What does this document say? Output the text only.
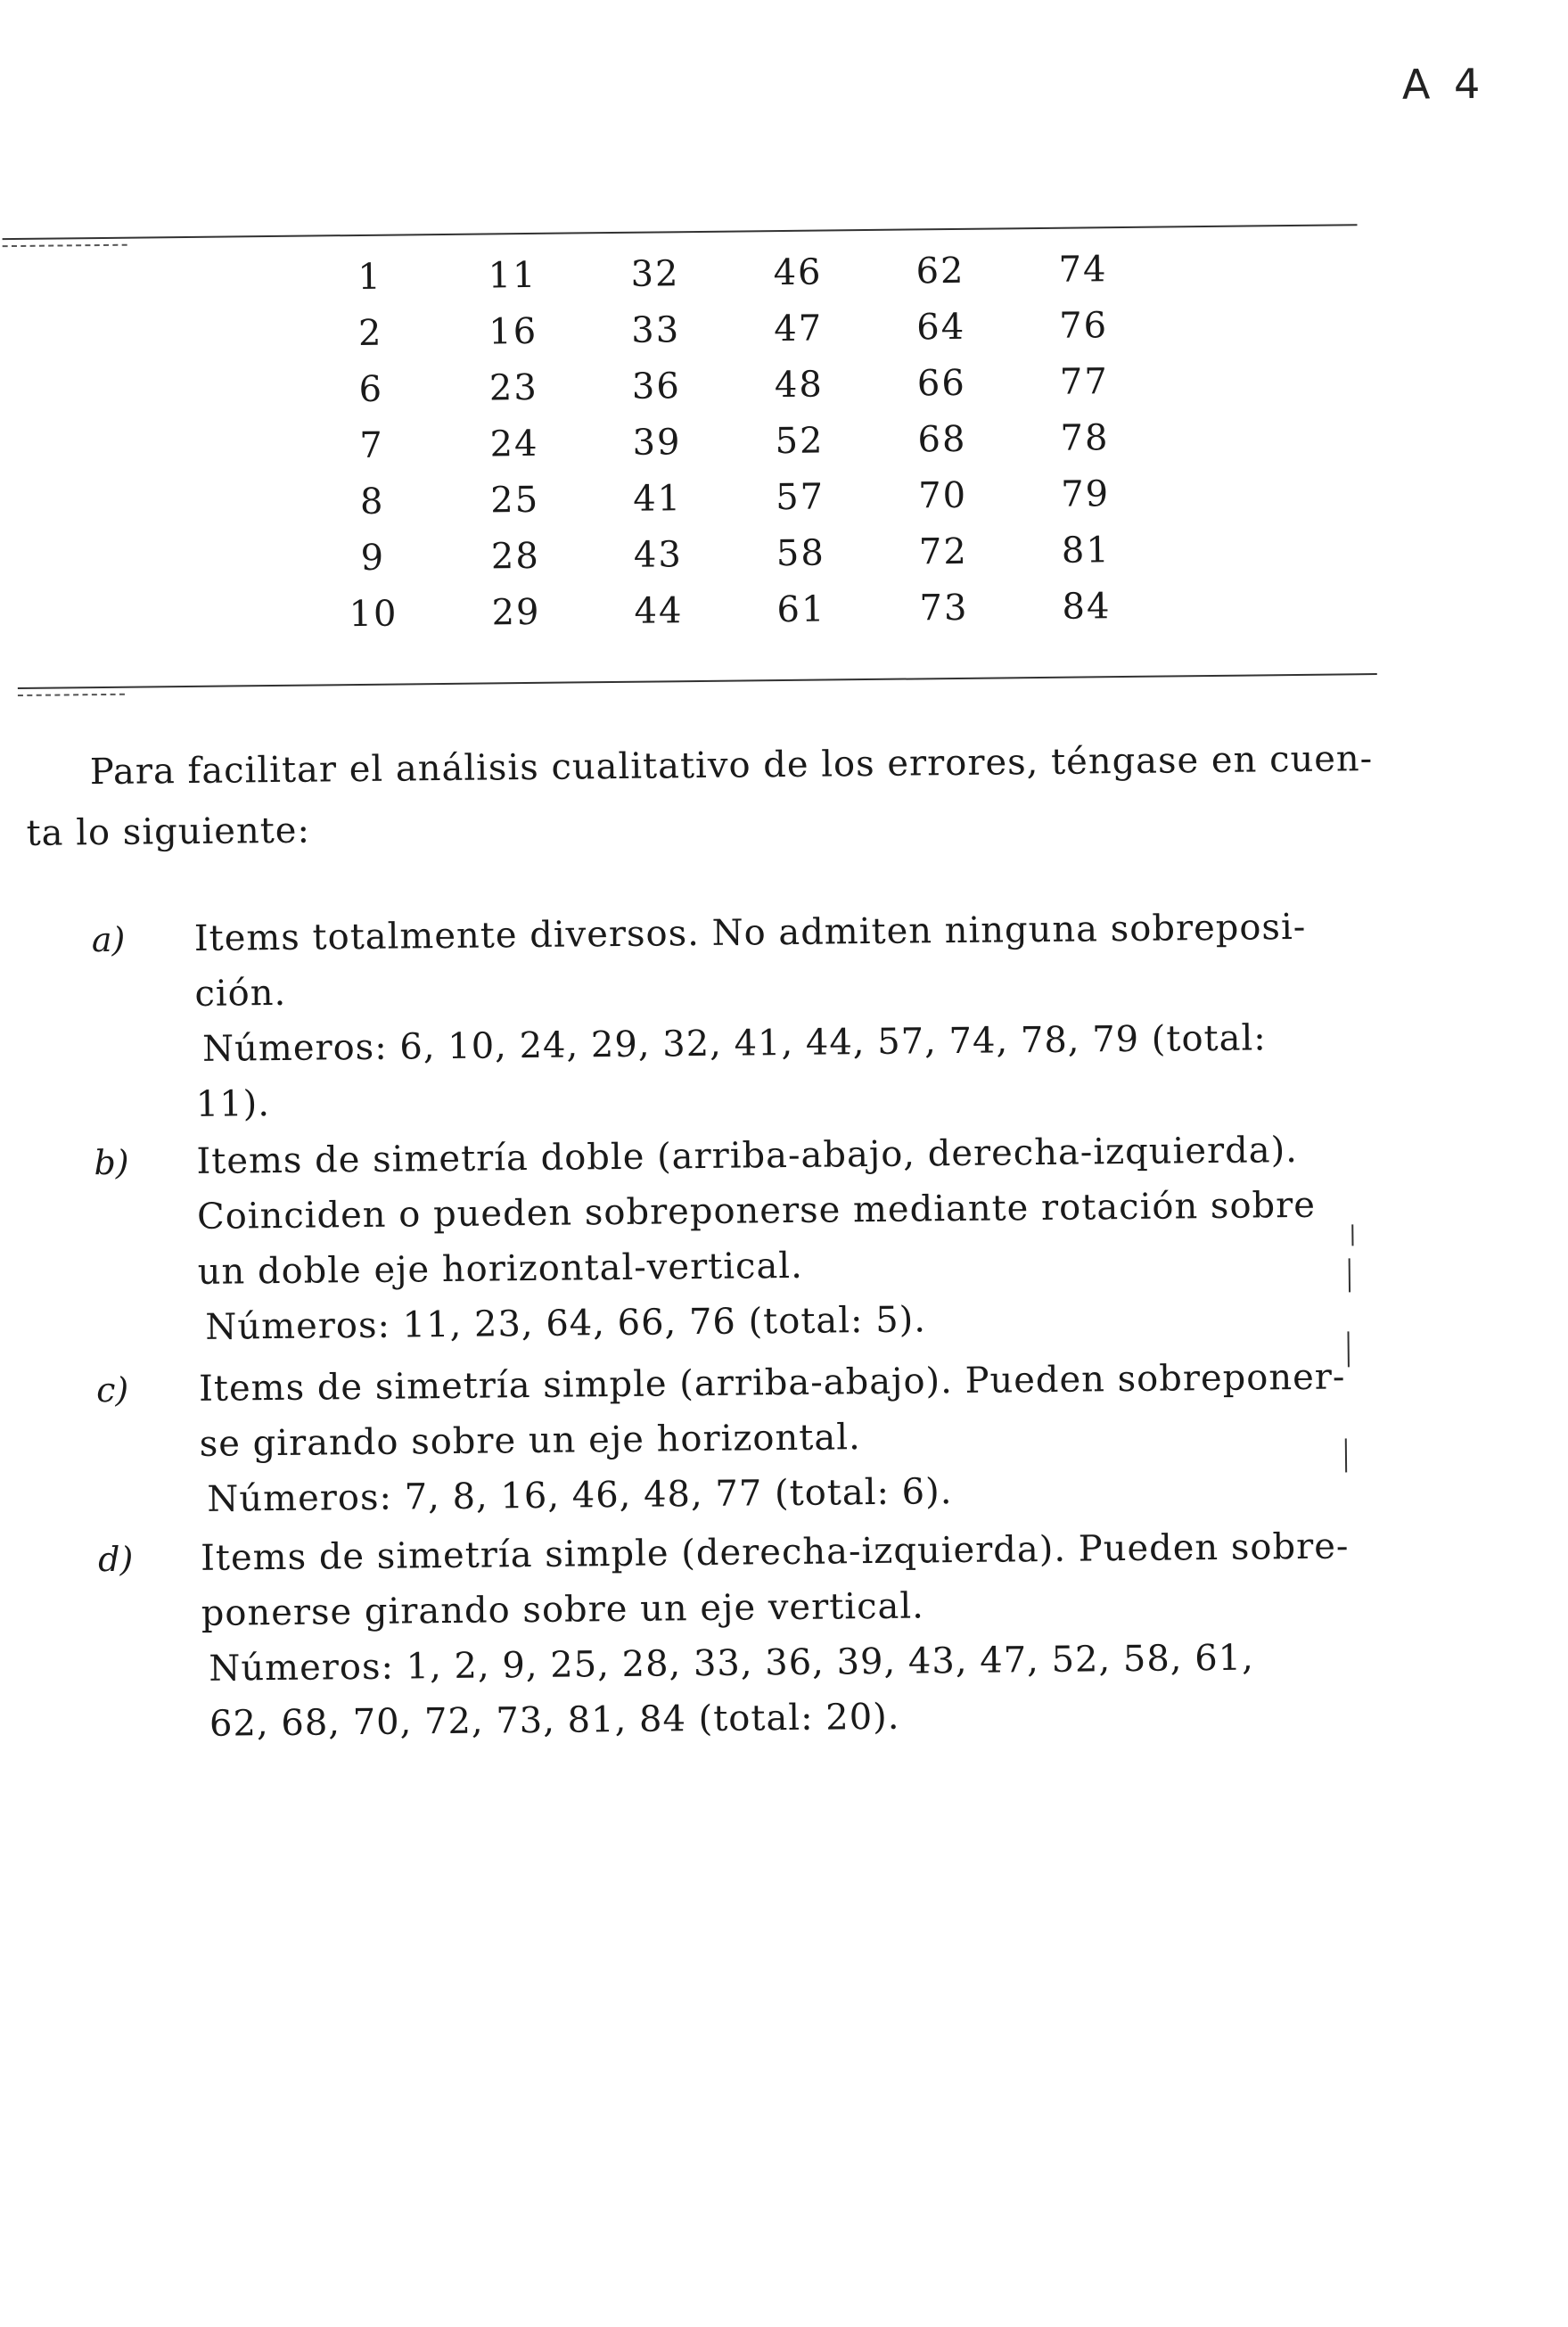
A 4
1
2
6
7
8
9
10
11
16
23
24
25
28
29
32
33
36
39
41
43
44
46
47
48
52
57
58
61
62
64
66
68
70
72
73
74
76
77
78
79
81
84
Para facilitar el análisis cualitativo de los errores, téngase en cuen-
ta lo siguiente:
a) Items totalmente diversos. No admiten ninguna sobreposi-
ción.
Números: 6, 10, 24, 29, 32, 41, 44, 57, 74, 78, 79 (total:
11).
b) Items de simetría doble (arriba-abajo, derecha-izquierda).
Coinciden o pueden sobreponerse mediante rotación sobre
un doble eje horizontal-vertical.
Números: 11, 23, 64, 66, 76 (total: 5).
c) Items de simetría simple (arriba-abajo). Pueden sobreponer-
se girando sobre un eje horizontal.
Números: 7, 8, 16, 46, 48, 77 (total: 6).
d) Items de simetría simple (derecha-izquierda). Pueden sobre-
ponerse girando sobre un eje vertical.
Números: 1, 2, 9, 25, 28, 33, 36, 39, 43, 47, 52, 58, 61,
62, 68, 70, 72, 73, 81, 84 (total: 20).
